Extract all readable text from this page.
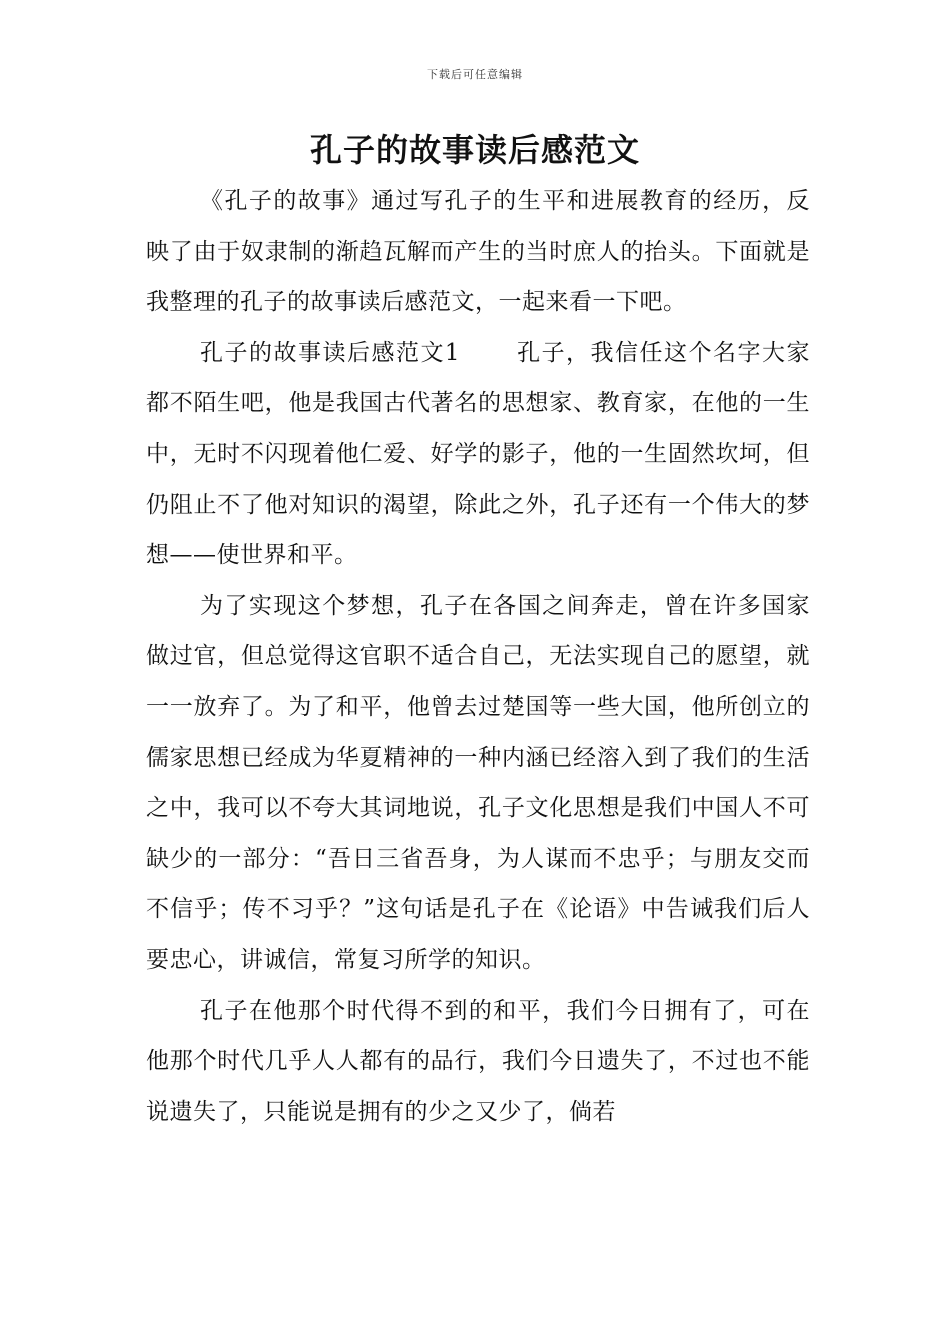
下载后可任意编辑
孔子的故事读后感范文

《孔子的故事》通过写孔子的生平和进展教育的经历，反映了由于奴隶制的渐趋瓦解而产生的当时庶人的抬头。下面就是我整理的孔子的故事读后感范文，一起来看一下吧。

孔子的故事读后感范文1 孔子，我信任这个名字大家都不陌生吧，他是我国古代著名的思想家、教育家，在他的一生中，无时不闪现着他仁爱、好学的影子，他的一生固然坎坷，但仍阻止不了他对知识的渴望，除此之外，孔子还有一个伟大的梦想——使世界和平。

为了实现这个梦想，孔子在各国之间奔走，曾在许多国家做过官，但总觉得这官职不适合自己，无法实现自己的愿望，就一一放弃了。为了和平，他曾去过楚国等一些大国，他所创立的儒家思想已经成为华夏精神的一种内涵已经溶入到了我们的生活之中，我可以不夸大其词地说，孔子文化思想是我们中国人不可缺少的一部分：“吾日三省吾身，为人谋而不忠乎；与朋友交而不信乎；传不习乎？”这句话是孔子在《论语》中告诫我们后人要忠心，讲诚信，常复习所学的知识。

孔子在他那个时代得不到的和平，我们今日拥有了，可在他那个时代几乎人人都有的品行，我们今日遗失了，不过也不能说遗失了，只能说是拥有的少之又少了，倘若
